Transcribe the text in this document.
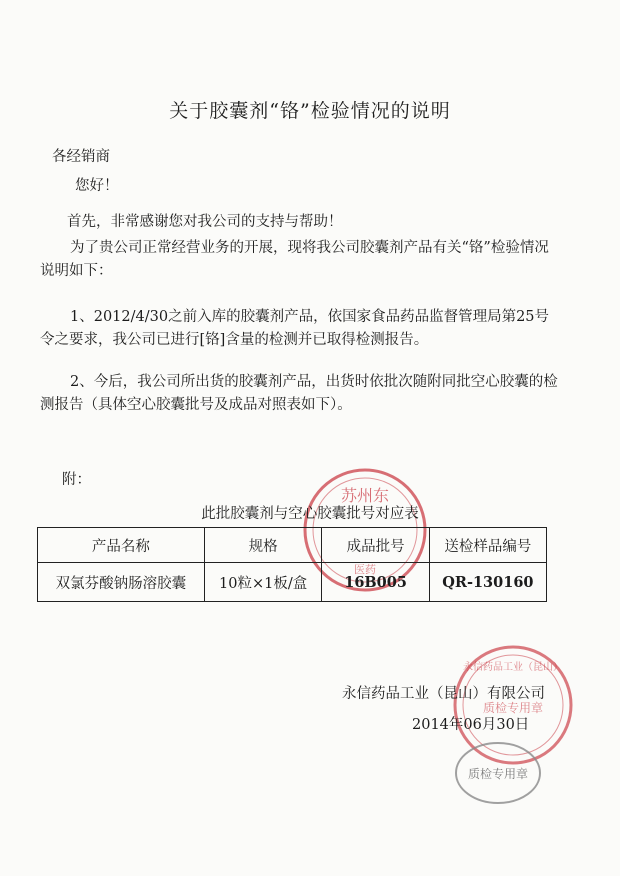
关于胶囊剂“铬”检验情况的说明
各经销商
您好！
首先，非常感谢您对我公司的支持与帮助！
为了贵公司正常经营业务的开展，现将我公司胶囊剂产品有关“铬”检验情况说明如下：
1、2012/4/30之前入库的胶囊剂产品，依国家食品药品监督管理局第25号令之要求，我公司已进行[铬]含量的检测并已取得检测报告。
2、今后，我公司所出货的胶囊剂产品，出货时依批次随附同批空心胶囊的检测报告（具体空心胶囊批号及成品对照表如下）。
附：
苏州东
医药
此批胶囊剂与空心胶囊批号对应表
产品名称	规格	成品批号	送检样品编号
双氯芬酸钠肠溶胶囊	10粒×1板/盒	16B005	QR-130160
永信药品工业（昆山）
质检专用章
永信药品工业（昆山）有限公司
2014年06月30日
质检专用章
